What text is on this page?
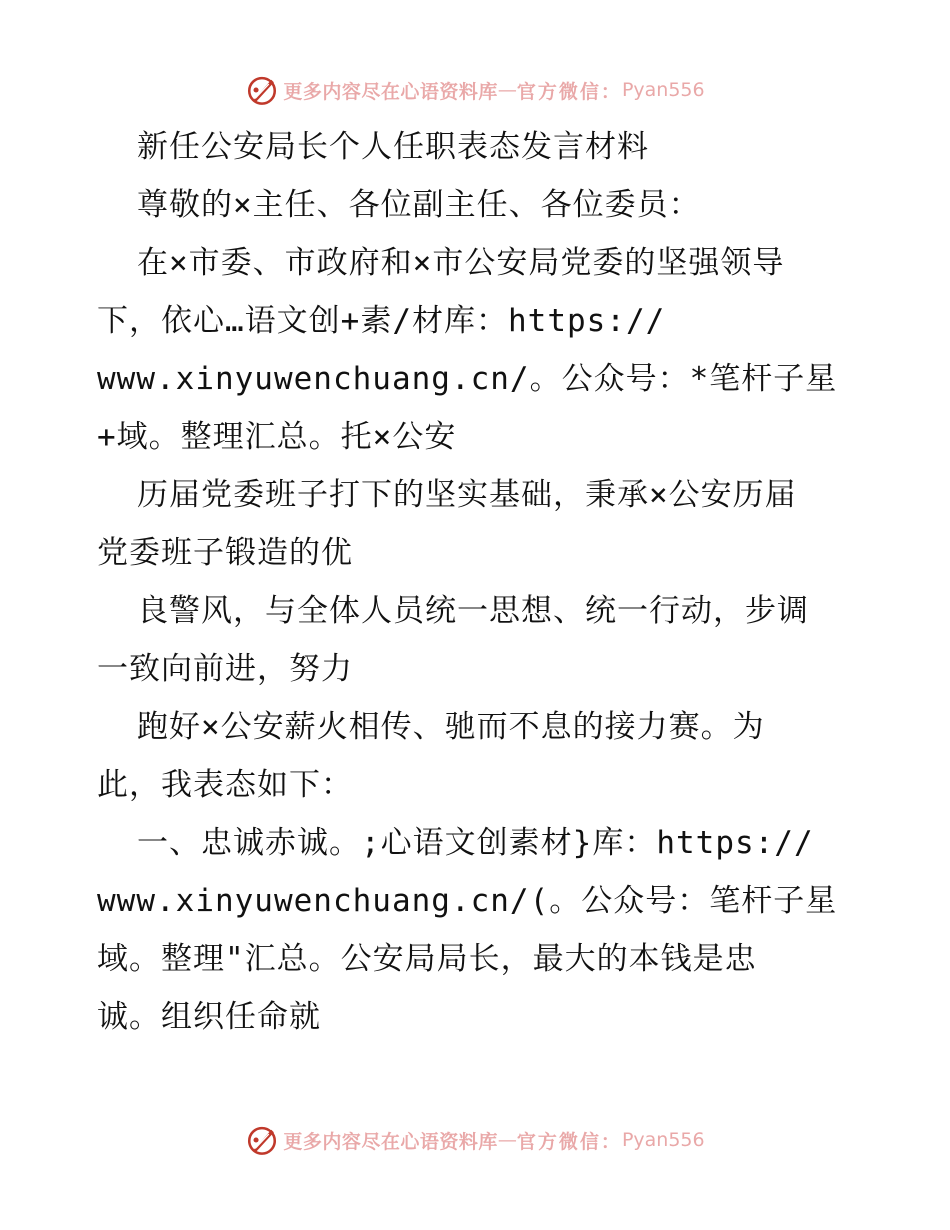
更多内容尽在心语资料库 — 官方微信： Pyan556
新任公安局长个人任职表态发言材料
尊敬的×主任、各位副主任、各位委员：
在×市委、市政府和×市公安局党委的坚强领导
下，依心…语文创+素/材库：https://
www.xinyuwenchuang.cn/。公众号：*笔杆子星
+域。整理汇总。托×公安
历届党委班子打下的坚实基础，秉承×公安历届
党委班子锻造的优
良警风，与全体人员统一思想、统一行动，步调
一致向前进，努力
跑好×公安薪火相传、驰而不息的接力赛。为
此，我表态如下：
一、忠诚赤诚。;心语文创素材}库：https://
www.xinyuwenchuang.cn/(。公众号：笔杆子星
域。整理"汇总。公安局局长，最大的本钱是忠
诚。组织任命就
更多内容尽在心语资料库 — 官方微信： Pyan556
